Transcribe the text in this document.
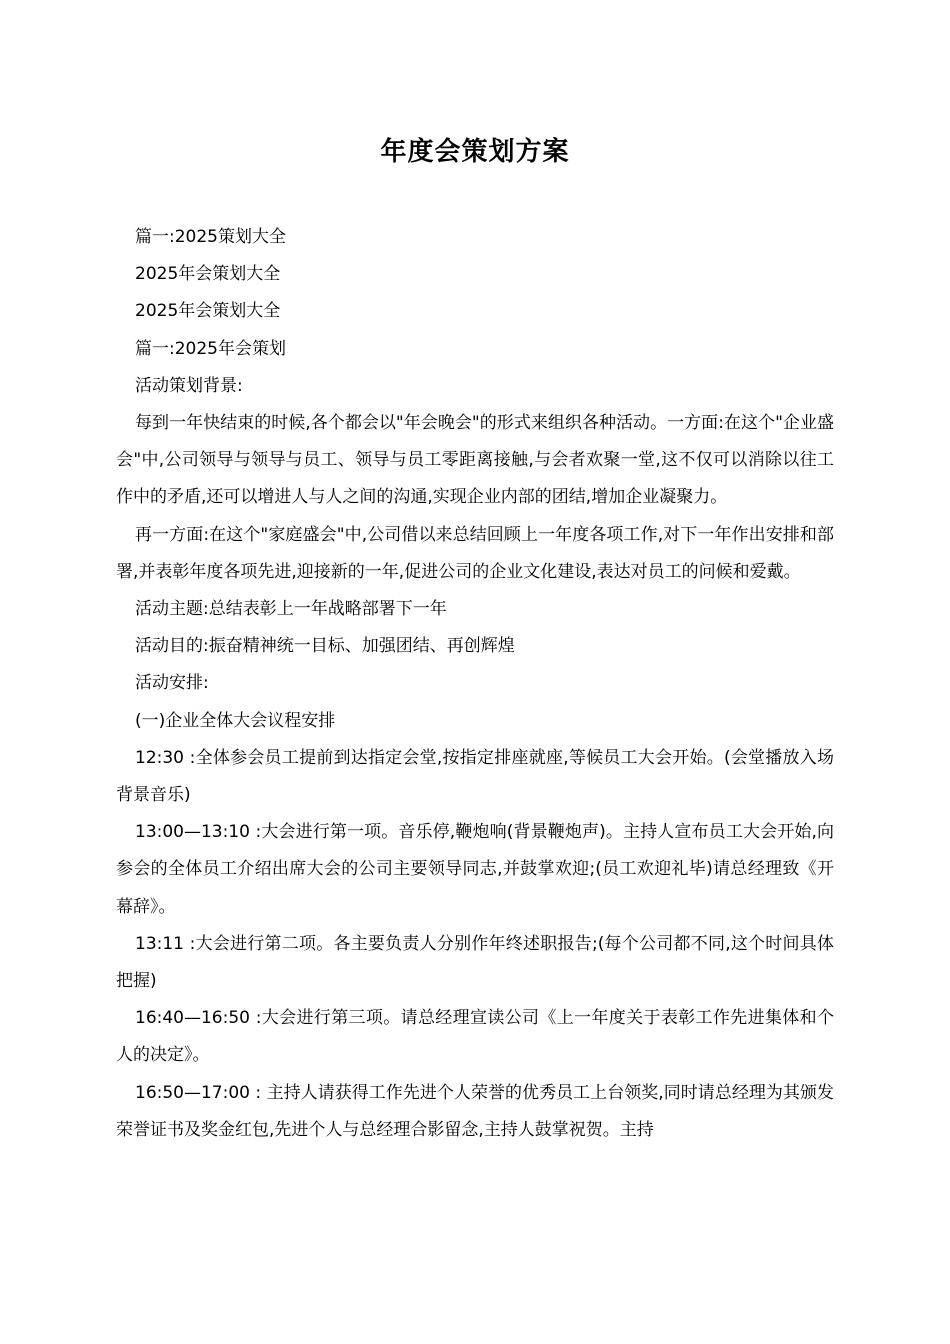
年度会策划方案

篇一:2025策划大全

2025年会策划大全

2025年会策划大全

篇一:2025年会策划

活动策划背景:

每到一年快结束的时候,各个都会以"年会晚会"的形式来组织各种活动。一方面:在这个"企业盛会"中,公司领导与领导与员工、领导与员工零距离接触,与会者欢聚一堂,这不仅可以消除以往工作中的矛盾,还可以增进人与人之间的沟通,实现企业内部的团结,增加企业凝聚力。

再一方面:在这个"家庭盛会"中,公司借以来总结回顾上一年度各项工作,对下一年作出安排和部署,并表彰年度各项先进,迎接新的一年,促进公司的企业文化建设,表达对员工的问候和爱戴。

活动主题:总结表彰上一年战略部署下一年

活动目的:振奋精神统一目标、加强团结、再创辉煌

活动安排:

(一)企业全体大会议程安排

12:30 :全体参会员工提前到达指定会堂,按指定排座就座,等候员工大会开始。(会堂播放入场背景音乐)

13:00—13:10 :大会进行第一项。音乐停,鞭炮响(背景鞭炮声)。主持人宣布员工大会开始,向参会的全体员工介绍出席大会的公司主要领导同志,并鼓掌欢迎;(员工欢迎礼毕)请总经理致《开幕辞》。

13:11 :大会进行第二项。各主要负责人分别作年终述职报告;(每个公司都不同,这个时间具体把握)

16:40—16:50 :大会进行第三项。请总经理宣读公司《上一年度关于表彰工作先进集体和个人的决定》。

16:50—17:00 : 主持人请获得工作先进个人荣誉的优秀员工上台领奖,同时请总经理为其颁发荣誉证书及奖金红包,先进个人与总经理合影留念,主持人鼓掌祝贺。主持
